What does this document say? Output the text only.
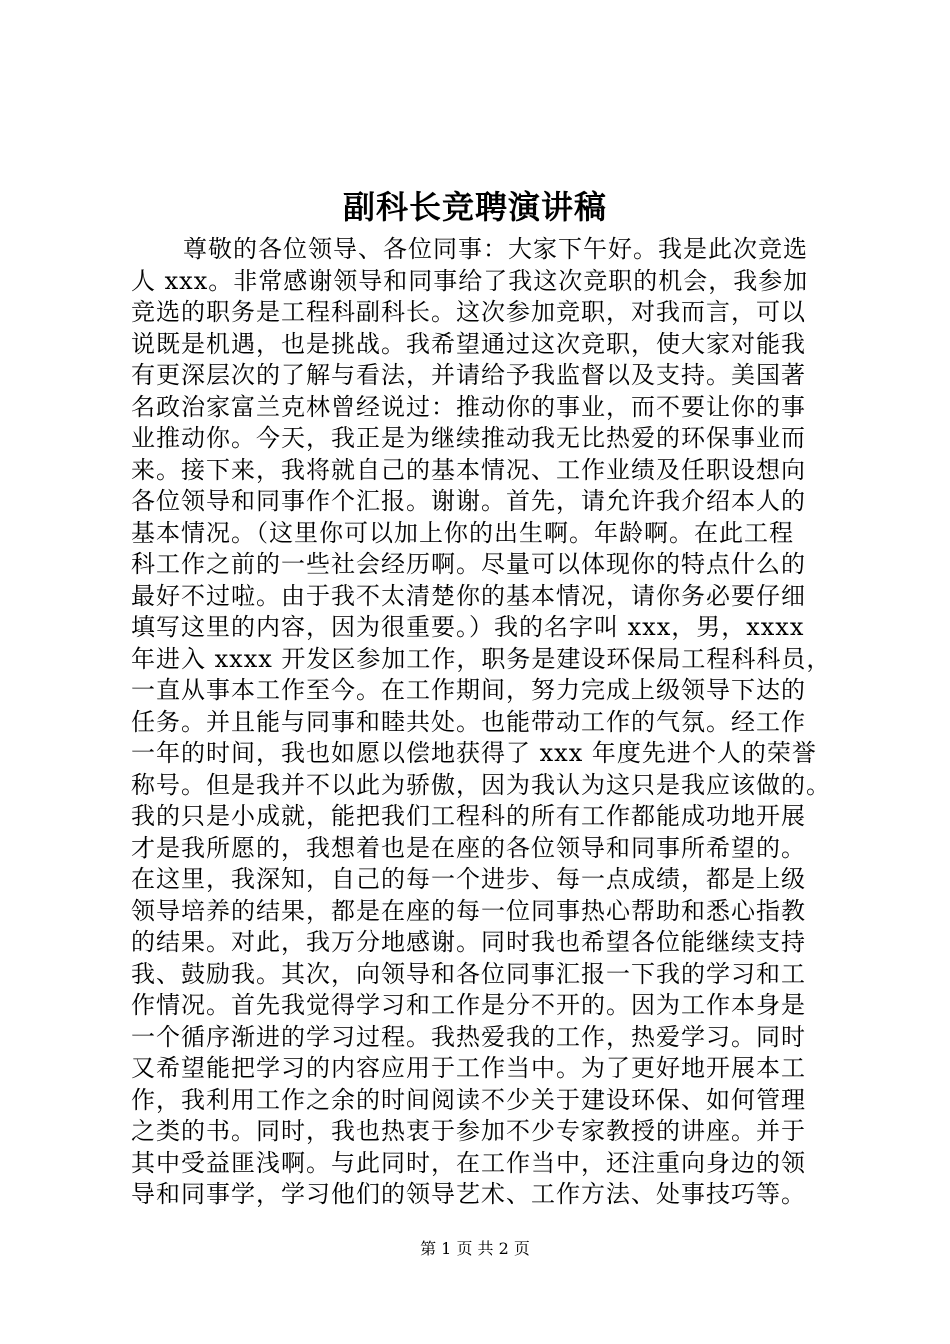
副科长竞聘演讲稿
尊敬的各位领导、各位同事：大家下午好。我是此次竞选
人 xxx。非常感谢领导和同事给了我这次竞职的机会，我参加
竞选的职务是工程科副科长。这次参加竞职，对我而言，可以
说既是机遇，也是挑战。我希望通过这次竞职，使大家对能我
有更深层次的了解与看法，并请给予我监督以及支持。美国著
名政治家富兰克林曾经说过：推动你的事业，而不要让你的事
业推动你。今天，我正是为继续推动我无比热爱的环保事业而
来。接下来，我将就自己的基本情况、工作业绩及任职设想向
各位领导和同事作个汇报。谢谢。首先，请允许我介绍本人的
基本情况。（这里你可以加上你的出生啊。年龄啊。在此工程
科工作之前的一些社会经历啊。尽量可以体现你的特点什么的
最好不过啦。由于我不太清楚你的基本情况，请你务必要仔细
填写这里的内容，因为很重要。）我的名字叫 xxx，男，xxxx
年进入 xxxx 开发区参加工作，职务是建设环保局工程科科员，
一直从事本工作至今。在工作期间，努力完成上级领导下达的
任务。并且能与同事和睦共处。也能带动工作的气氛。经工作
一年的时间，我也如愿以偿地获得了 xxx 年度先进个人的荣誉
称号。但是我并不以此为骄傲，因为我认为这只是我应该做的。
我的只是小成就，能把我们工程科的所有工作都能成功地开展
才是我所愿的，我想着也是在座的各位领导和同事所希望的。
在这里，我深知，自己的每一个进步、每一点成绩，都是上级
领导培养的结果，都是在座的每一位同事热心帮助和悉心指教
的结果。对此，我万分地感谢。同时我也希望各位能继续支持
我、鼓励我。其次，向领导和各位同事汇报一下我的学习和工
作情况。首先我觉得学习和工作是分不开的。因为工作本身是
一个循序渐进的学习过程。我热爱我的工作，热爱学习。同时
又希望能把学习的内容应用于工作当中。为了更好地开展本工
作，我利用工作之余的时间阅读不少关于建设环保、如何管理
之类的书。同时，我也热衷于参加不少专家教授的讲座。并于
其中受益匪浅啊。与此同时，在工作当中，还注重向身边的领
导和同事学，学习他们的领导艺术、工作方法、处事技巧等。
第 1 页 共 2 页
